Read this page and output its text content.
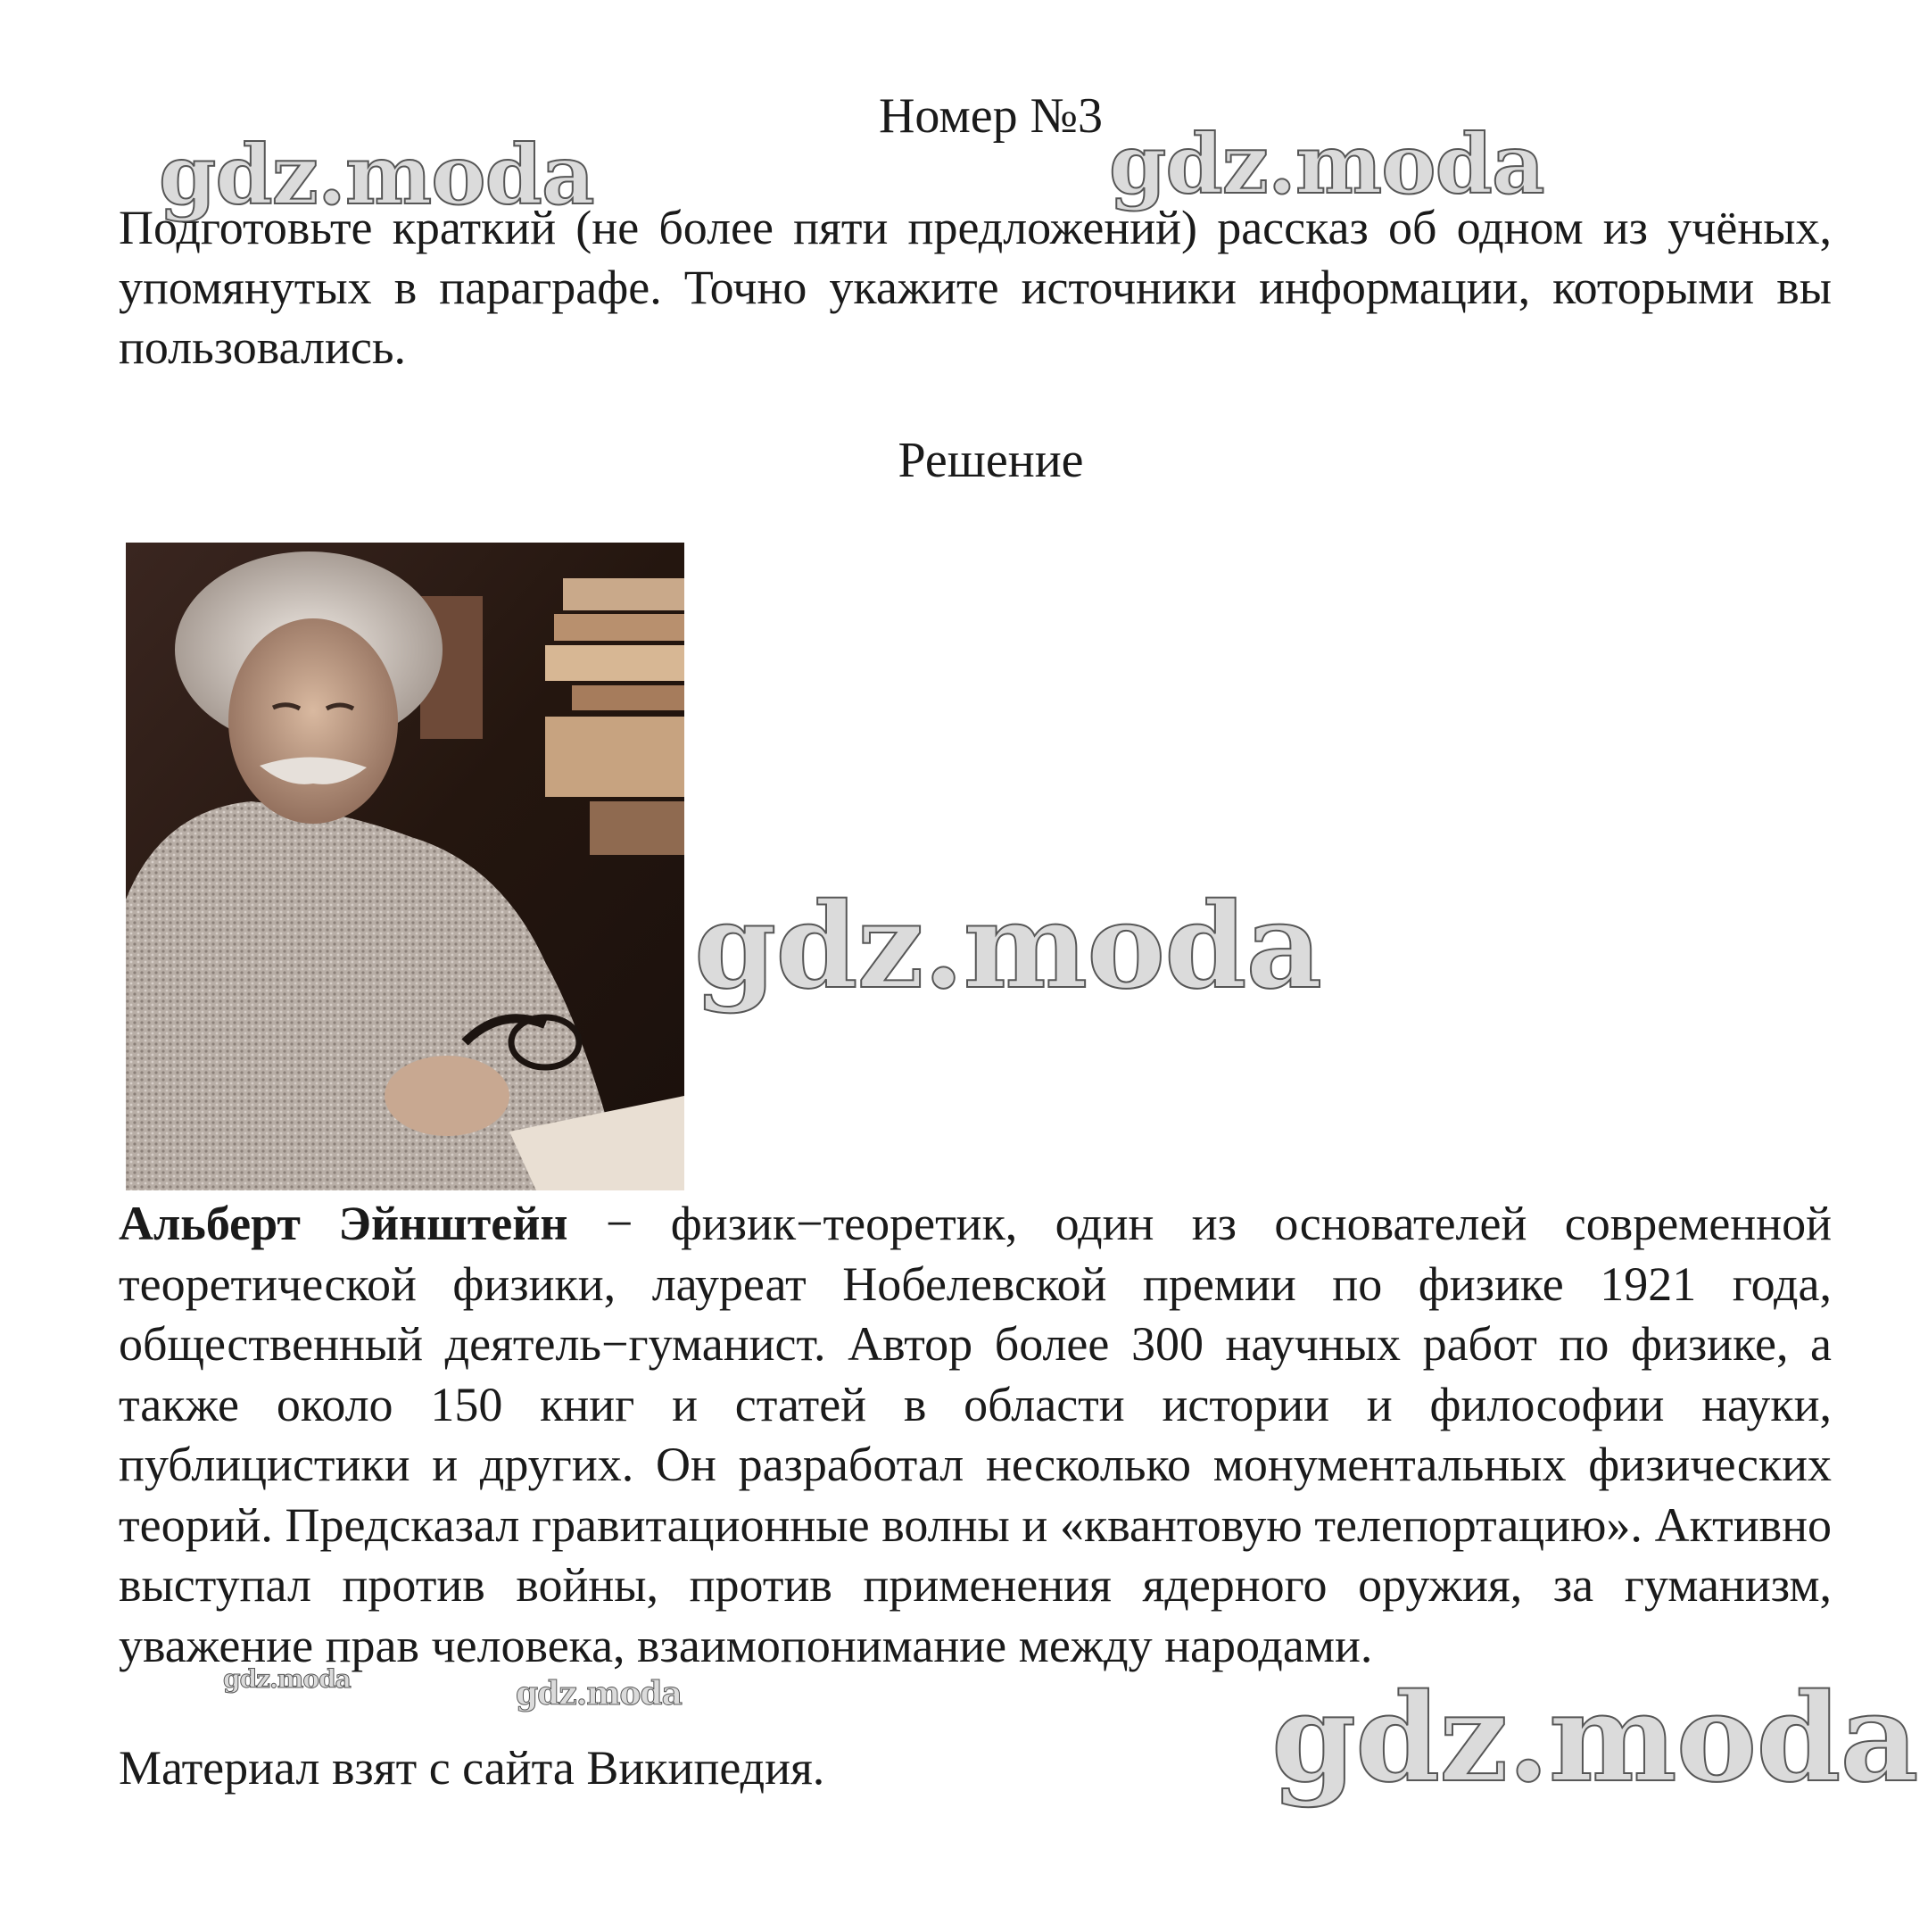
Номер №3
Подготовьте краткий (не более пяти предложений) рассказ об одном из учёных, упомянутых в параграфе. Точно укажите источники информации, которыми вы пользовались.
Решение
Альберт Эйнштейн − физик−теоретик, один из основателей современной теоретической физики, лауреат Нобелевской премии по физике 1921 года, общественный деятель−гуманист. Автор более 300 научных работ по физике, а также около 150 книг и статей в области истории и философии науки, публицистики и других. Он разработал несколько монументальных физических теорий. Предсказал гравитационные волны и «квантовую телепортацию». Активно выступал против войны, против применения ядерного оружия, за гуманизм, уважение прав человека, взаимопонимание между народами.
Материал взят с сайта Википедия.
gdz.moda	gdz.moda
gdz.moda
gdz.moda	gdz.moda	gdz.moda
